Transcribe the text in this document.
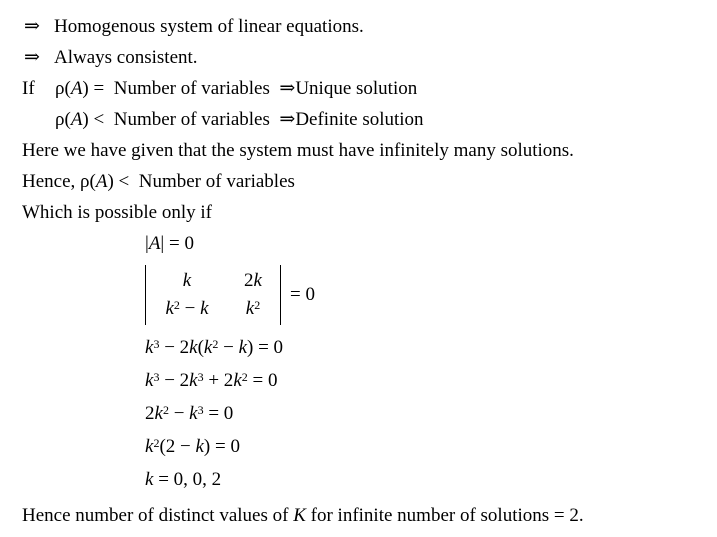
⇒ Homogenous system of linear equations.
⇒ Always consistent.
If ρ(A) =  Number of variables  ⇒Unique solution
ρ(A) <  Number of variables  ⇒Definite solution
Here we have given that the system must have infinitely many solutions.
Hence, ρ(A) <  Number of variables
Which is possible only if
|A| = 0
k	2k
$k^2 - k$	$k^2$	= 0
$k^3 - 2k(k^2 - k) = 0$
$k^3 - 2k^3 + 2k^2 = 0$
$2k^2 - k^3 = 0$
$k^2(2 - k) = 0$
k = 0, 0, 2
Hence number of distinct values of K for infinite number of solutions = 2.
